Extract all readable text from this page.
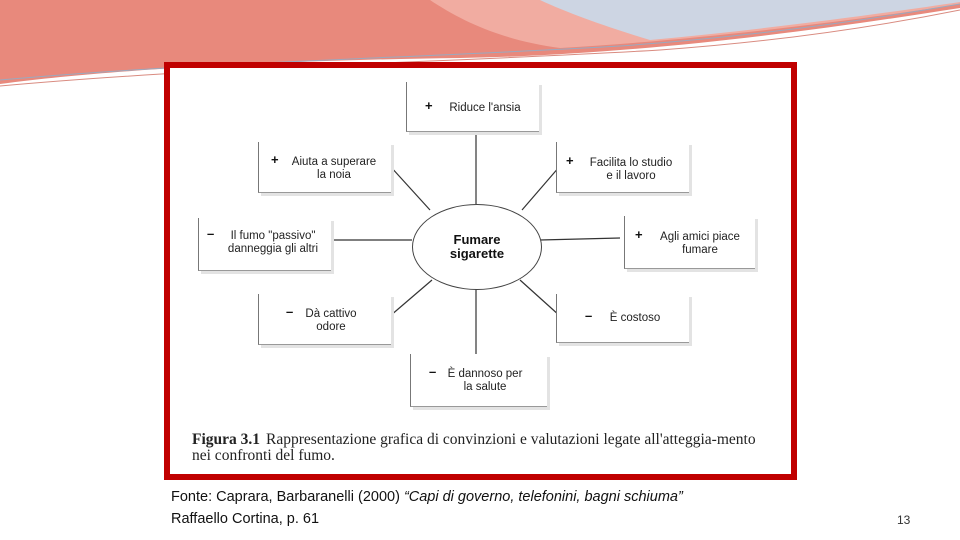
Fumare
sigarette
+	Riduce l'ansia
+	Facilita lo studio
e il lavoro
+	Agli amici piace
fumare
–	È costoso
– È dannoso per
la salute
–	Dà cattivo
odore
–	Il fumo "passivo"
danneggia gli altri
+	Aiuta a superare
la noia
Figura 3.1 Rappresentazione grafica di convinzioni e valutazioni legate all'atteggia-mento nei confronti del fumo.
Fonte: Caprara, Barbaranelli (2000) “Capi di governo, telefonini, bagni schiuma”
Raffaello Cortina, p. 61	13
